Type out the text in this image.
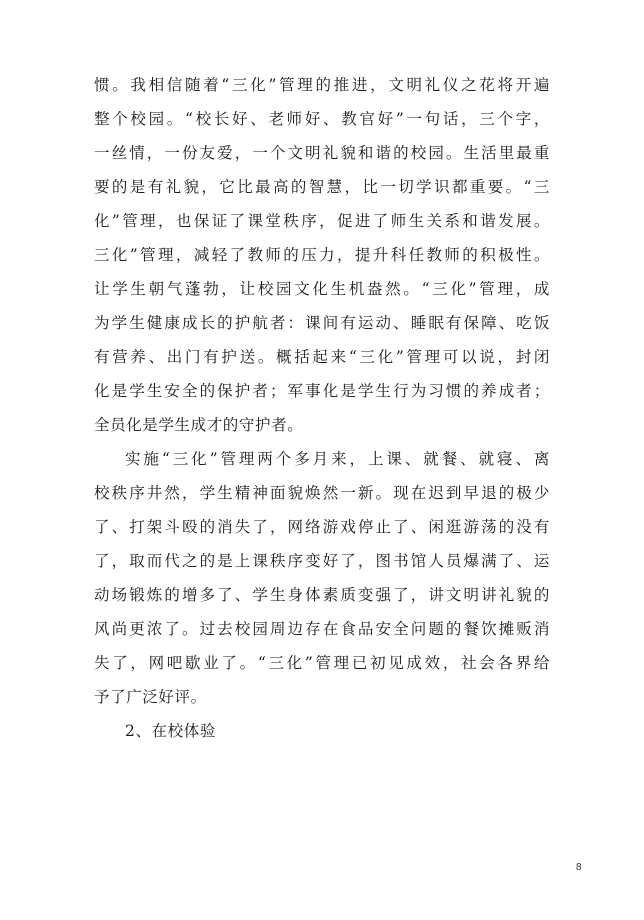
惯。我相信随着“三化”管理的推进，文明礼仪之花将开遍
整个校园。“校长好、老师好、教官好”一句话，三个字，
一丝情，一份友爱，一个文明礼貌和谐的校园。生活里最重
要的是有礼貌，它比最高的智慧，比一切学识都重要。“三
化”管理，也保证了课堂秩序，促进了师生关系和谐发展。
三化”管理，减轻了教师的压力，提升科任教师的积极性。
让学生朝气蓬勃，让校园文化生机盎然。“三化”管理，成
为学生健康成长的护航者：课间有运动、睡眠有保障、吃饭
有营养、出门有护送。概括起来“三化”管理可以说，封闭
化是学生安全的保护者；军事化是学生行为习惯的养成者；
全员化是学生成才的守护者。
实施“三化”管理两个多月来，上课、就餐、就寝、离
校秩序井然，学生精神面貌焕然一新。现在迟到早退的极少
了、打架斗殴的消失了，网络游戏停止了、闲逛游荡的没有
了，取而代之的是上课秩序变好了，图书馆人员爆满了、运
动场锻炼的增多了、学生身体素质变强了，讲文明讲礼貌的
风尚更浓了。过去校园周边存在食品安全问题的餐饮摊贩消
失了，网吧歇业了。“三化”管理已初见成效，社会各界给
予了广泛好评。
2、在校体验
8
